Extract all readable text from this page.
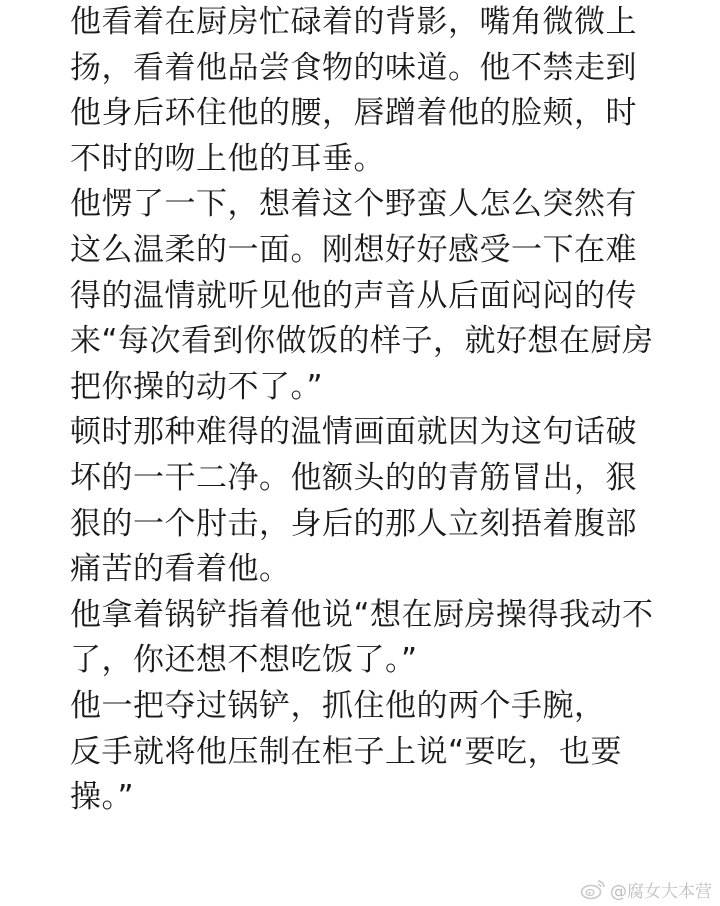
他看着在厨房忙碌着的背影，嘴角微微上
扬，看着他品尝食物的味道。他不禁走到
他身后环住他的腰，唇蹭着他的脸颊，时
不时的吻上他的耳垂。
他愣了一下，想着这个野蛮人怎么突然有
这么温柔的一面。刚想好好感受一下在难
得的温情就听见他的声音从后面闷闷的传
来“每次看到你做饭的样子，就好想在厨房
把你操的动不了。”
顿时那种难得的温情画面就因为这句话破
坏的一干二净。他额头的的青筋冒出，狠
狠的一个肘击，身后的那人立刻捂着腹部
痛苦的看着他。
他拿着锅铲指着他说“想在厨房操得我动不
了，你还想不想吃饭了。”
他一把夺过锅铲，抓住他的两个手腕，
反手就将他压制在柜子上说“要吃，也要
操。”
@腐女大本营
